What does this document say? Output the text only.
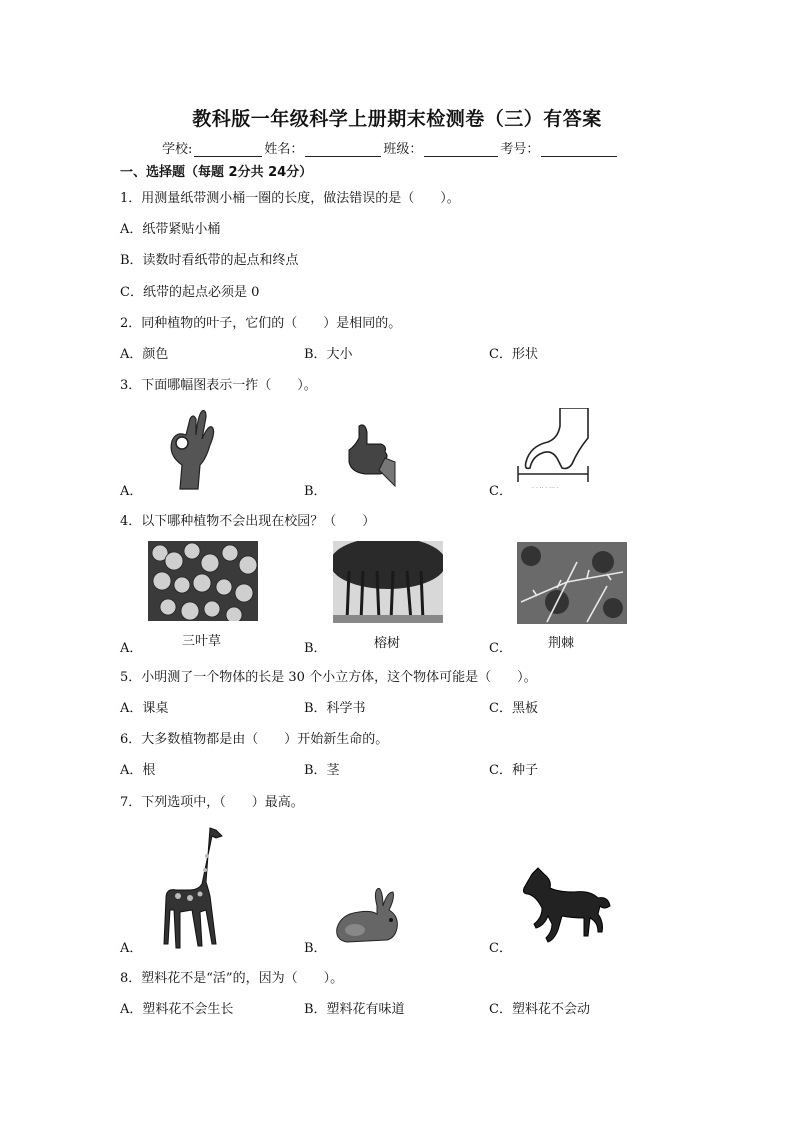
教科版一年级科学上册期末检测卷（三）有答案
学校:	姓名：	班级：	考号：
一、选择题（每题 2分共 24分）
1．用测量纸带测小桶一圈的长度，做法错误的是（　　）。
A．纸带紧贴小桶
B．读数时看纸带的起点和终点
C．纸带的起点必须是 0
2．同种植物的叶子，它们的（　　）是相同的。
A．颜色	B．大小	C．形状
3．下面哪幅图表示一拃（　　）。
· · ·· · ··· ·
A．	B．	C．
4．以下哪种植物不会出现在校园？（　　）
三叶草	榕树	荆棘
A．	B．	C．
5．小明测了一个物体的长是 30 个小立方体，这个物体可能是（　　）。
A．课桌	B．科学书	C．黑板
6．大多数植物都是由（　　）开始新生命的。
A．根	B．茎	C．种子
7．下列选项中，（　　）最高。
A．	B．	C．
8．塑料花不是“活”的，因为（　　）。
A．塑料花不会生长	B．塑料花有味道	C．塑料花不会动
